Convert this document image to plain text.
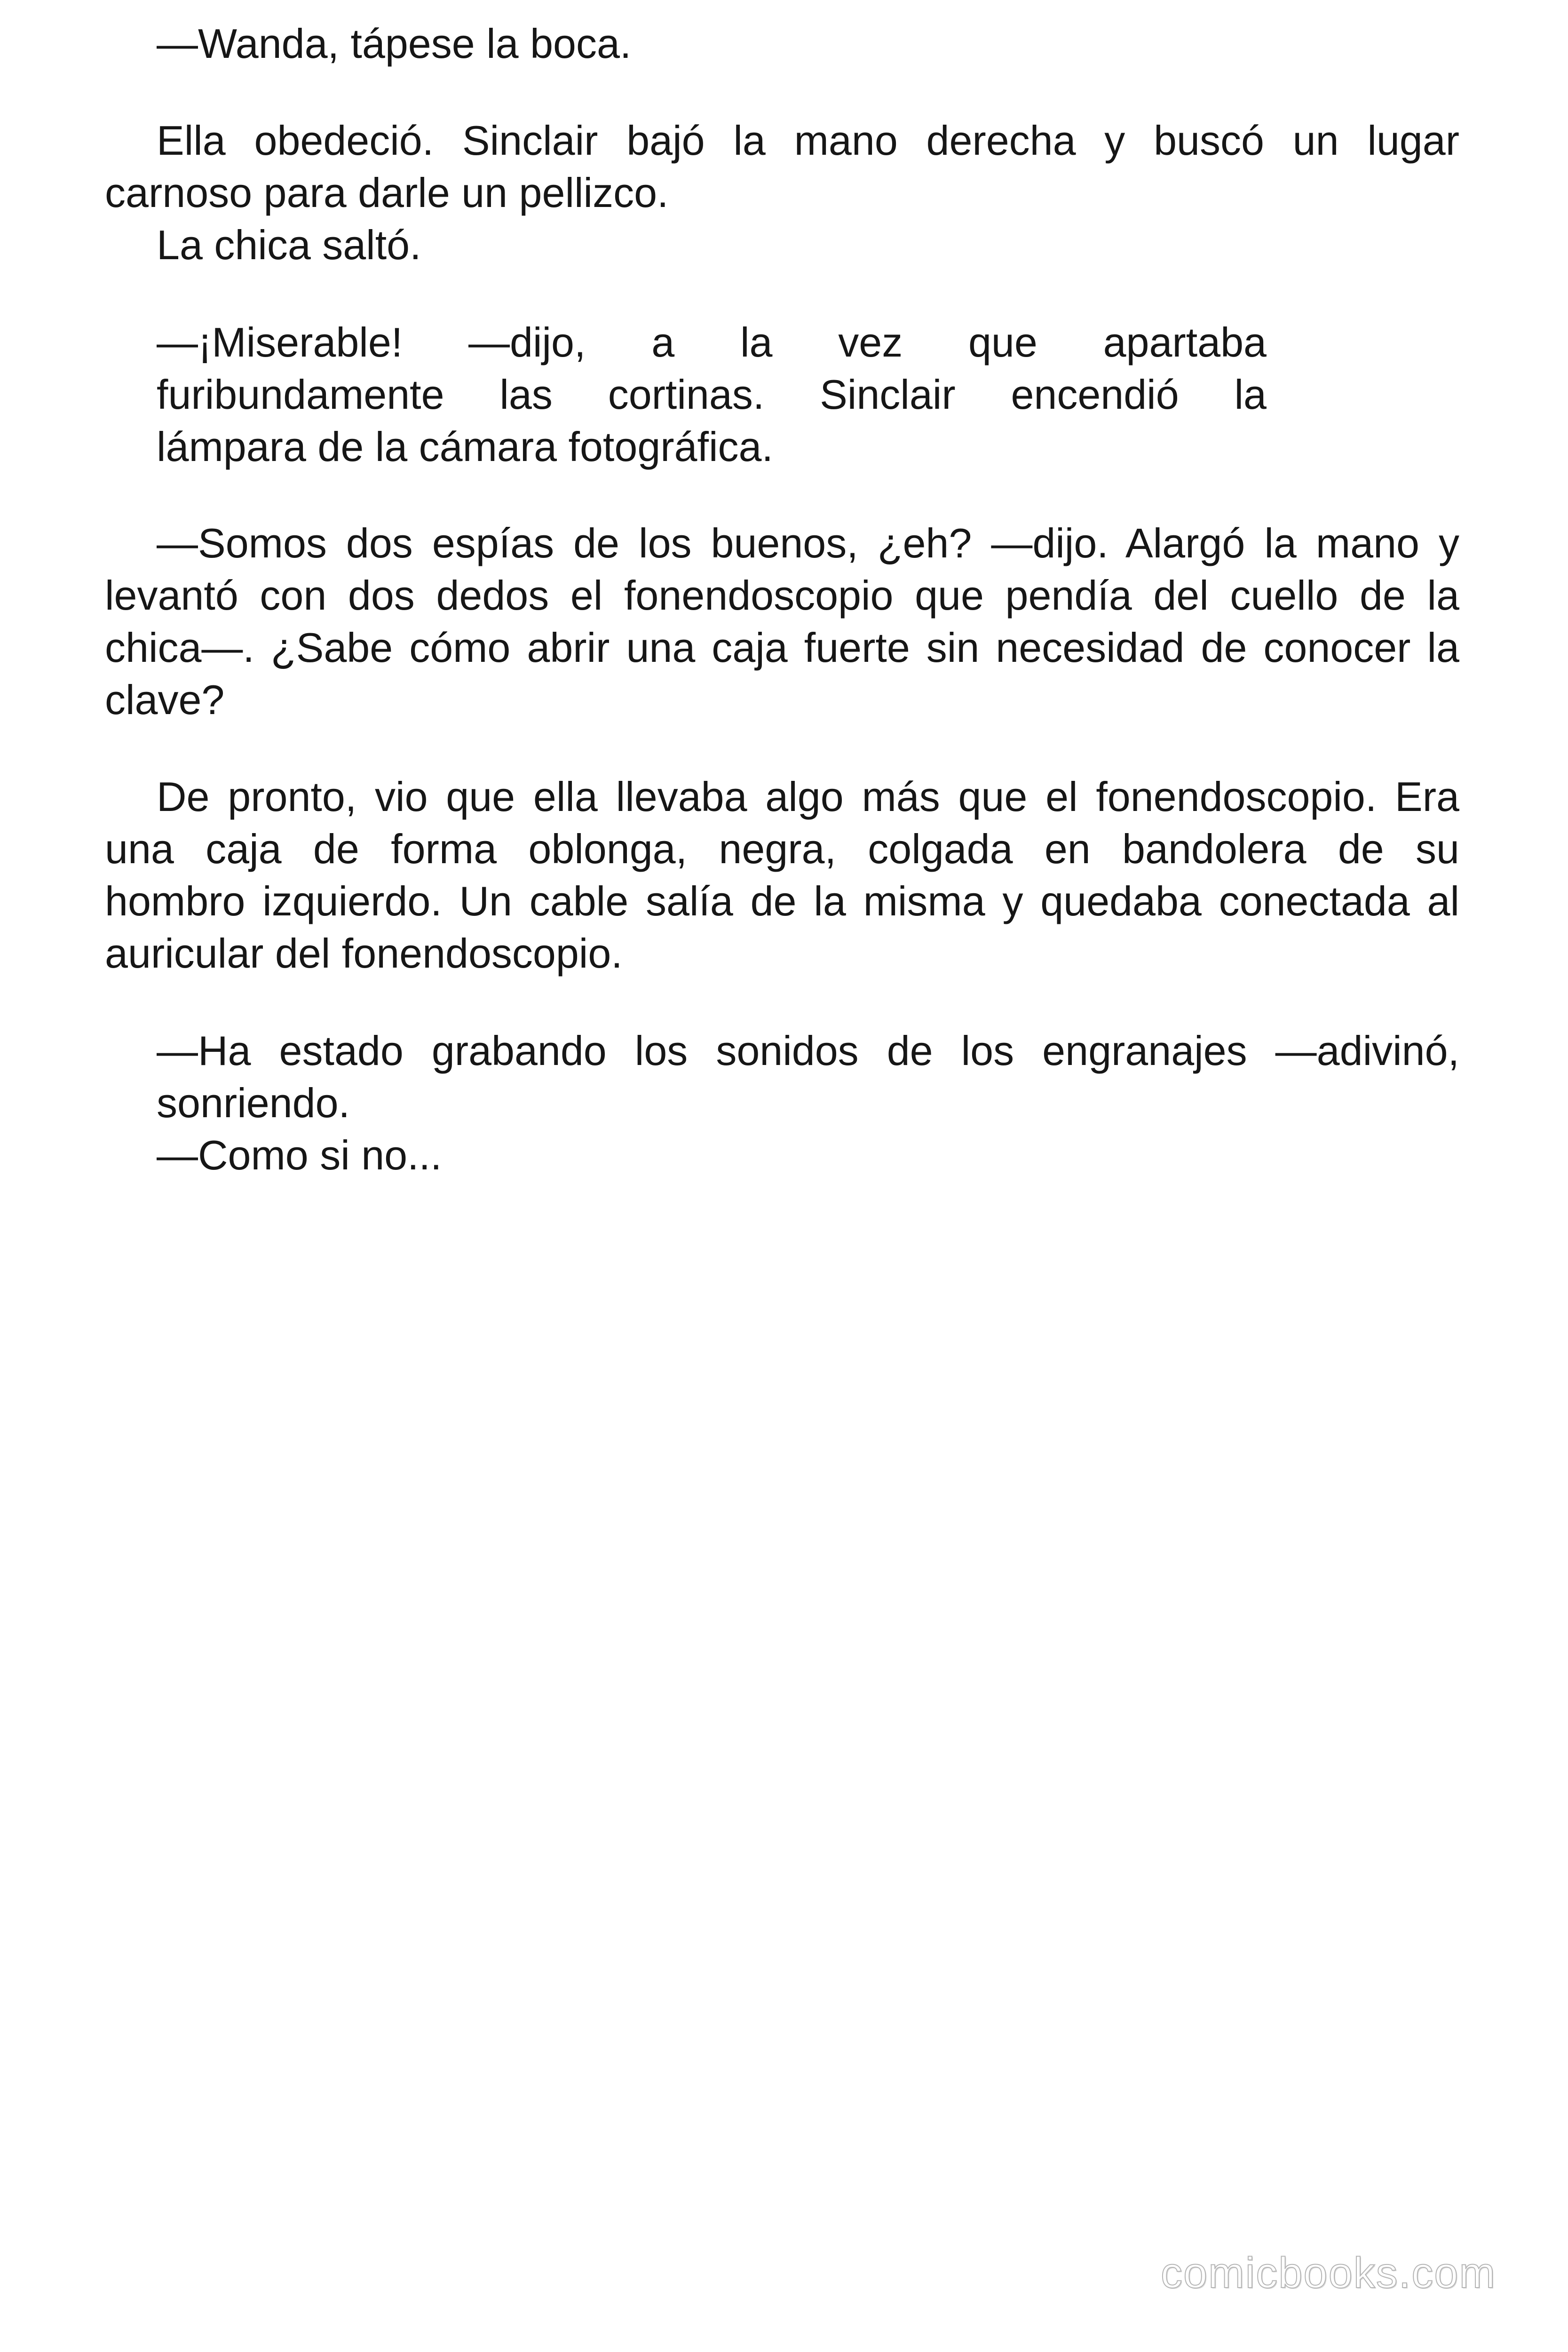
—Wanda, tápese la boca.

Ella obedeció. Sinclair bajó la mano derecha y buscó un lugar

carnoso para darle un pellizco.

La chica saltó.

—¡Miserable! —dijo, a la vez que apartaba

furibundamente las cortinas. Sinclair encendió la

lámpara de la cámara fotográfica.

—Somos dos espías de los buenos, ¿eh? —dijo. Alargó la mano y

levantó con dos dedos el fonendoscopio que pendía del cuello de la

chica—. ¿Sabe cómo abrir una caja fuerte sin necesidad de conocer la

clave?

De pronto, vio que ella llevaba algo más que el fonendoscopio. Era

una caja de forma oblonga, negra, colgada en bandolera de su

hombro izquierdo. Un cable salía de la misma y quedaba conectada al

auricular del fonendoscopio.

—Ha estado grabando los sonidos de los engranajes —adivinó,

sonriendo.

—Como si no...

comicbooks.com
